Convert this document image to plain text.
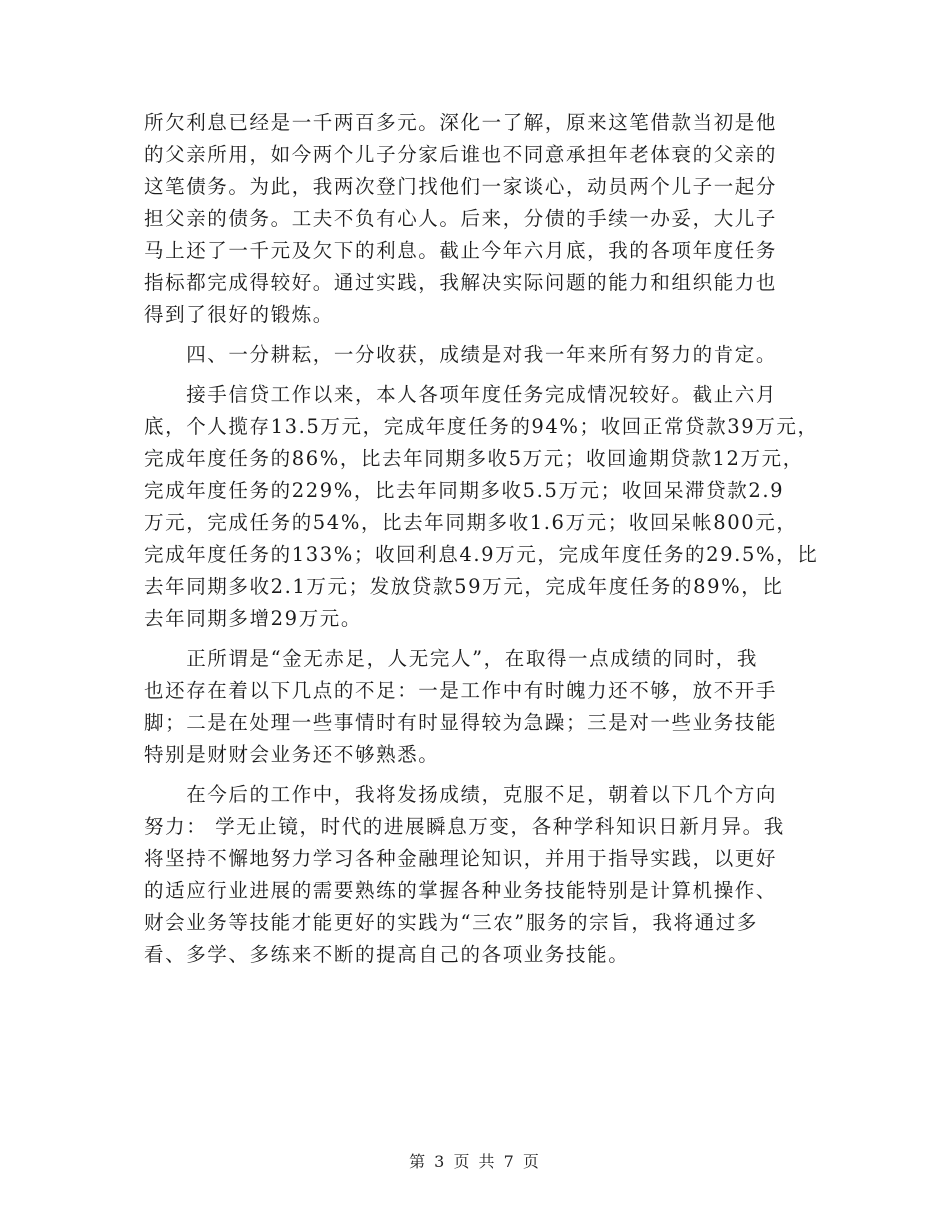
所欠利息已经是一千两百多元。深化一了解，原来这笔借款当初是他
的父亲所用，如今两个儿子分家后谁也不同意承担年老体衰的父亲的
这笔债务。为此，我两次登门找他们一家谈心，动员两个儿子一起分
担父亲的债务。工夫不负有心人。后来，分债的手续一办妥，大儿子
马上还了一千元及欠下的利息。截止今年六月底，我的各项年度任务
指标都完成得较好。通过实践，我解决实际问题的能力和组织能力也
得到了很好的锻炼。
　　四、一分耕耘，一分收获，成绩是对我一年来所有努力的肯定。
　　接手信贷工作以来，本人各项年度任务完成情况较好。截止六月
底，个人揽存13.5万元，完成年度任务的94%；收回正常贷款39万元，
完成年度任务的86%，比去年同期多收5万元；收回逾期贷款12万元，
完成年度任务的229%，比去年同期多收5.5万元；收回呆滞贷款2.9
万元，完成任务的54%，比去年同期多收1.6万元；收回呆帐800元，
完成年度任务的133%；收回利息4.9万元，完成年度任务的29.5%，比
去年同期多收2.1万元；发放贷款59万元，完成年度任务的89%，比
去年同期多增29万元。
　　正所谓是“金无赤足，人无完人”，在取得一点成绩的同时，我
也还存在着以下几点的不足：一是工作中有时魄力还不够，放不开手
脚；二是在处理一些事情时有时显得较为急躁；三是对一些业务技能
特别是财财会业务还不够熟悉。
　　在今后的工作中，我将发扬成绩，克服不足，朝着以下几个方向
努力： 学无止镜，时代的进展瞬息万变，各种学科知识日新月异。我
将坚持不懈地努力学习各种金融理论知识，并用于指导实践，以更好
的适应行业进展的需要熟练的掌握各种业务技能特别是计算机操作、
财会业务等技能才能更好的实践为“三农”服务的宗旨，我将通过多
看、多学、多练来不断的提高自己的各项业务技能。
第 3 页 共 7 页
